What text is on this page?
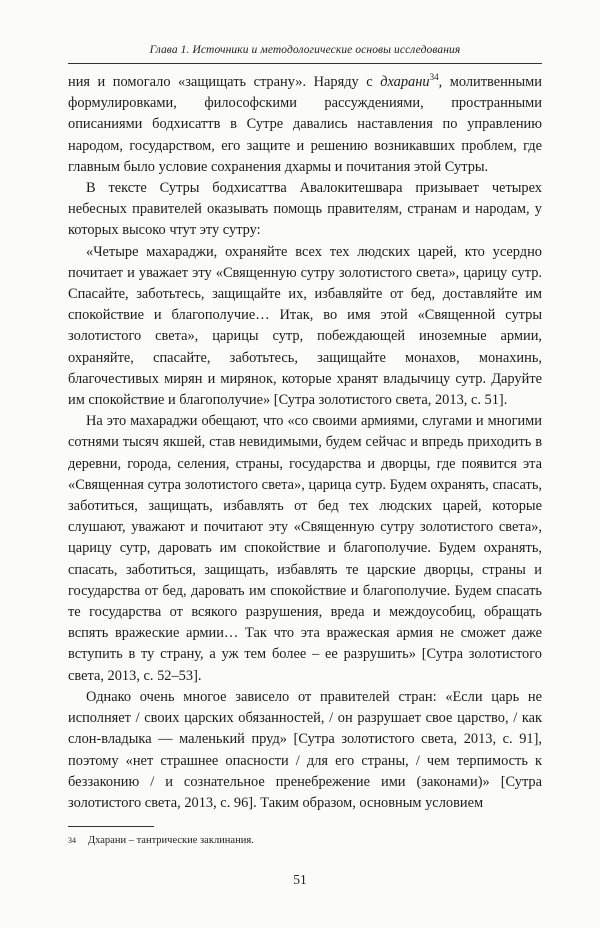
Глава 1. Источники и методологические основы исследования

ния и помогало «защищать страну». Наряду с дхарани$^{34}$, молитвенными формулировками, философскими рассуждениями, пространными описаниями бодхисаттв в Сутре давались наставления по управлению народом, государством, его защите и решению возникавших проблем, где главным было условие сохранения дхармы и почитания этой Сутры.

В тексте Сутры бодхисаттва Авалокитешвара призывает четырех небесных правителей оказывать помощь правителям, странам и народам, у которых высоко чтут эту сутру:

«Четыре махараджи, охраняйте всех тех людских царей, кто усердно почитает и уважает эту «Священную сутру золотистого света», царицу сутр. Спасайте, заботьтесь, защищайте их, избавляйте от бед, доставляйте им спокойствие и благополучие… Итак, во имя этой «Священной сутры золотистого света», царицы сутр, побеждающей иноземные армии, охраняйте, спасайте, заботьтесь, защищайте монахов, монахинь, благочестивых мирян и мирянок, которые хранят владычицу сутр. Даруйте им спокойствие и благополучие» [Сутра золотистого света, 2013, с. 51].

На это махараджи обещают, что «со своими армиями, слугами и многими сотнями тысяч якшей, став невидимыми, будем сейчас и впредь приходить в деревни, города, селения, страны, государства и дворцы, где появится эта «Священная сутра золотистого света», царица сутр. Будем охранять, спасать, заботиться, защищать, избавлять от бед тех людских царей, которые слушают, уважают и почитают эту «Священную сутру золотистого света», царицу сутр, даровать им спокойствие и благополучие. Будем охранять, спасать, заботиться, защищать, избавлять те царские дворцы, страны и государства от бед, даровать им спокойствие и благополучие. Будем спасать те государства от всякого разрушения, вреда и междоусобиц, обращать вспять вражеские армии… Так что эта вражеская армия не сможет даже вступить в ту страну, а уж тем более – ее разрушить» [Сутра золотистого света, 2013, с. 52–53].

Однако очень многое зависело от правителей стран: «Если царь не исполняет / своих царских обязанностей, / он разрушает свое царство, / как слон-владыка — маленький пруд» [Сутра золотистого света, 2013, с. 91], поэтому «нет страшнее опасности / для его страны, / чем терпимость к беззаконию / и сознательное пренебрежение ими (законами)» [Сутра золотистого света, 2013, с. 96]. Таким образом, основным условием

34 Дхарани – тантрические заклинания.
51
